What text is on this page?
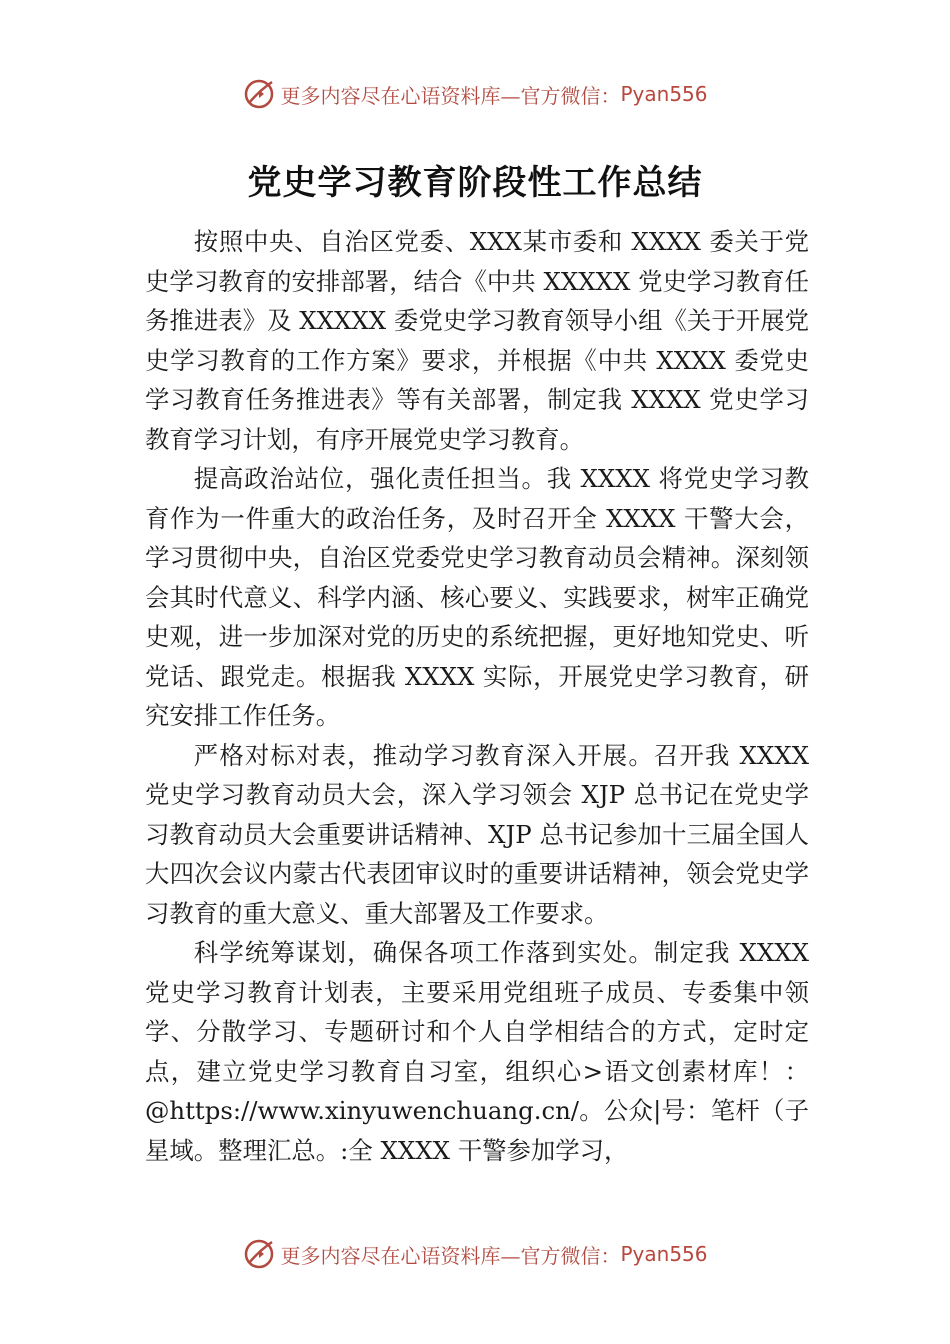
更多内容尽在心语资料库—官方微信： Pyan556
党史学习教育阶段性工作总结

按照中央、自治区党委、XXX某市委和 XXXX 委关于党史学习教育的安排部署，结合《中共 XXXXX 党史学习教育任务推进表》及 XXXXX 委党史学习教育领导小组《关于开展党史学习教育的工作方案》要求，并根据《中共 XXXX 委党史学习教育任务推进表》等有关部署，制定我 XXXX 党史学习教育学习计划，有序开展党史学习教育。

提高政治站位，强化责任担当。我 XXXX 将党史学习教育作为一件重大的政治任务，及时召开全 XXXX 干警大会，学习贯彻中央，自治区党委党史学习教育动员会精神。深刻领会其时代意义、科学内涵、核心要义、实践要求，树牢正确党史观，进一步加深对党的历史的系统把握，更好地知党史、听党话、跟党走。根据我 XXXX 实际，开展党史学习教育，研究安排工作任务。

严格对标对表，推动学习教育深入开展。召开我 XXXX 党史学习教育动员大会，深入学习领会 XJP 总书记在党史学习教育动员大会重要讲话精神、XJP 总书记参加十三届全国人大四次会议内蒙古代表团审议时的重要讲话精神，领会党史学习教育的重大意义、重大部署及工作要求。

科学统筹谋划，确保各项工作落到实处。制定我 XXXX 党史学习教育计划表，主要采用党组班子成员、专委集中领学、分散学习、专题研讨和个人自学相结合的方式，定时定点，建立党史学习教育自习室，组织心>语文创素材库！：@https://www.xinyuwenchuang.cn/。公众|号：笔杆（子星域。整理汇总。:全 XXXX 干警参加学习，

更多内容尽在心语资料库—官方微信： Pyan556
